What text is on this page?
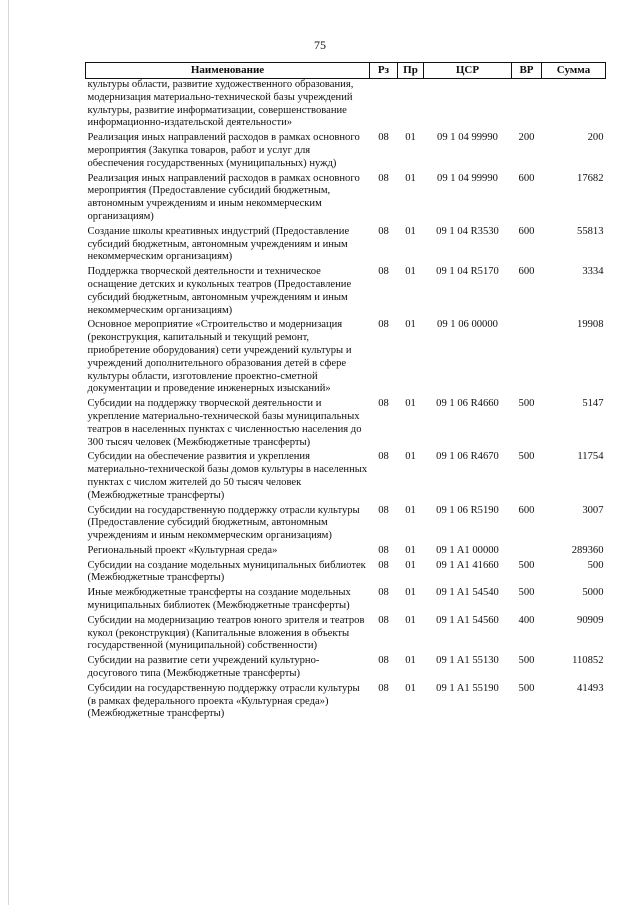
75
Наименование	Рз	Пр	ЦСР	ВР	Сумма
культуры области, развитие художественного образования, модернизация материально-технической базы учреждений культуры, развитие информатизации, совершенствование информационно-издательской деятельности»					
Реализация иных направлений расходов в рамках основного мероприятия (Закупка товаров, работ и услуг для обеспечения государственных (муниципальных) нужд)	08	01	09 1 04 99990	200	200
Реализация иных направлений расходов в рамках основного мероприятия (Предоставление субсидий бюджетным, автономным учреждениям и иным некоммерческим организациям)	08	01	09 1 04 99990	600	17682
Создание школы креативных индустрий (Предоставление субсидий бюджетным, автономным учреждениям и иным некоммерческим организациям)	08	01	09 1 04 R3530	600	55813
Поддержка творческой деятельности и техническое оснащение детских и кукольных театров (Предоставление субсидий бюджетным, автономным учреждениям и иным некоммерческим организациям)	08	01	09 1 04 R5170	600	3334
Основное мероприятие «Строительство и модернизация (реконструкция, капитальный и текущий ремонт, приобретение оборудования) сети учреждений культуры и учреждений дополнительного образования детей в сфере культуры области, изготовление проектно-сметной документации и проведение инженерных изысканий»	08	01	09 1 06 00000		19908
Субсидии на поддержку творческой деятельности и укрепление материально-технической базы муниципальных театров в населенных пунктах с численностью населения до 300 тысяч человек (Межбюджетные трансферты)	08	01	09 1 06 R4660	500	5147
Субсидии на обеспечение развития и укрепления материально-технической базы домов культуры в населенных пунктах с числом жителей до 50 тысяч человек (Межбюджетные трансферты)	08	01	09 1 06 R4670	500	11754
Субсидии на государственную поддержку отрасли культуры (Предоставление субсидий бюджетным, автономным учреждениям и иным некоммерческим организациям)	08	01	09 1 06 R5190	600	3007
Региональный проект «Культурная среда»	08	01	09 1 A1 00000		289360
Субсидии на создание модельных муниципальных библиотек (Межбюджетные трансферты)	08	01	09 1 A1 41660	500	500
Иные межбюджетные трансферты на создание модельных муниципальных библиотек (Межбюджетные трансферты)	08	01	09 1 A1 54540	500	5000
Субсидии на модернизацию театров юного зрителя и театров кукол (реконструкция) (Капитальные вложения в объекты государственной (муниципальной) собственности)	08	01	09 1 A1 54560	400	90909
Субсидии на развитие сети учреждений культурно-досугового типа (Межбюджетные трансферты)	08	01	09 1 A1 55130	500	110852
Субсидии на государственную поддержку отрасли культуры (в рамках федерального проекта «Культурная среда») (Межбюджетные трансферты)	08	01	09 1 A1 55190	500	41493
